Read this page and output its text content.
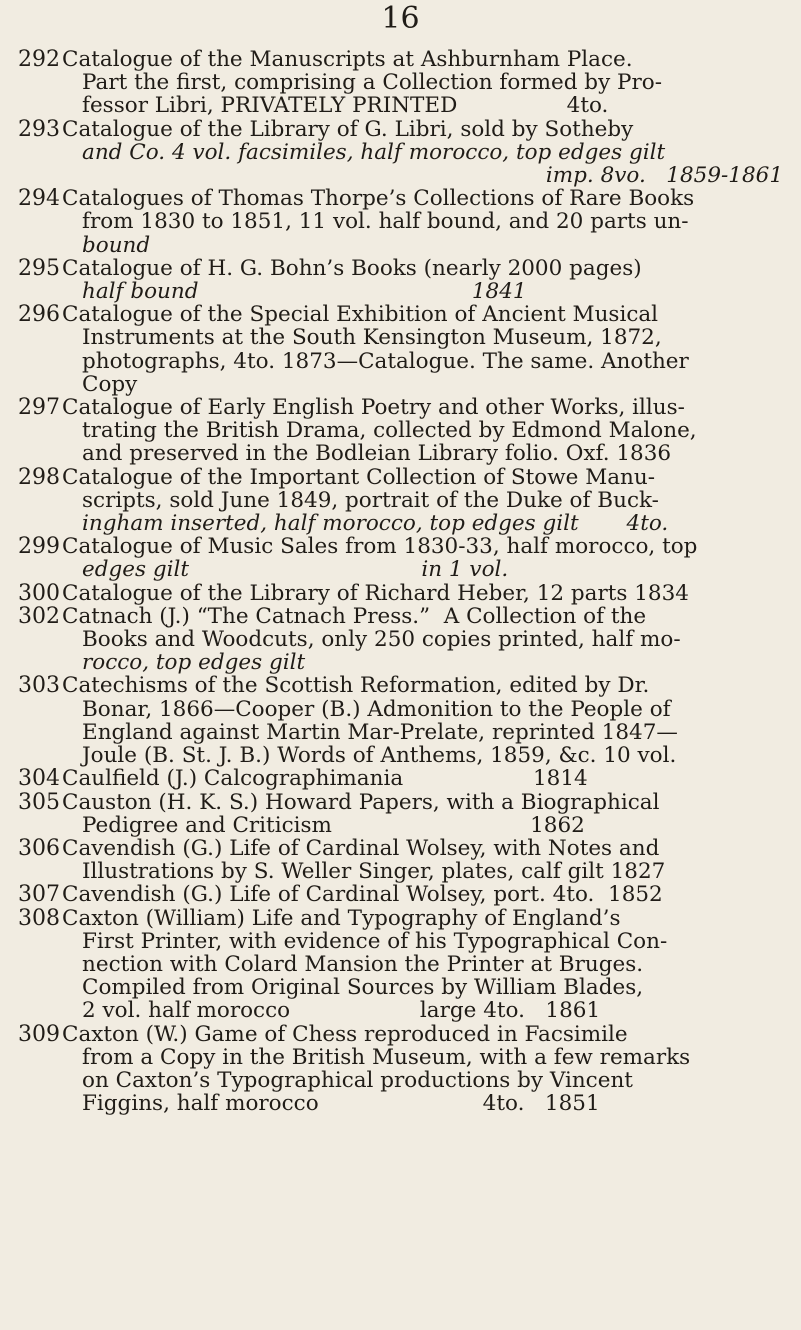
16
292 Catalogue of the Manuscripts at Ashburnham Place.
Part the first, comprising a Collection formed by Pro-
fessor Libri, PRIVATELY PRINTED                4to.
293 Catalogue of the Library of G. Libri, sold by Sotheby
and Co. 4 vol. facsimiles, half morocco, top edges gilt
imp. 8vo.   1859-1861
294 Catalogues of Thomas Thorpe’s Collections of Rare Books
from 1830 to 1851, 11 vol. half bound, and 20 parts un-
bound
295 Catalogue of H. G. Bohn’s Books (nearly 2000 pages)
half bound                                        1841
296 Catalogue of the Special Exhibition of Ancient Musical
Instruments at the South Kensington Museum, 1872,
photographs, 4to. 1873—Catalogue. The same. Another
Copy
297 Catalogue of Early English Poetry and other Works, illus-
trating the British Drama, collected by Edmond Malone,
and preserved in the Bodleian Library folio. Oxf. 1836
298 Catalogue of the Important Collection of Stowe Manu-
scripts, sold June 1849, portrait of the Duke of Buck-
ingham inserted, half morocco, top edges gilt       4to.
299 Catalogue of Music Sales from 1830-33, half morocco, top
edges gilt                                  in 1 vol.
300 Catalogue of the Library of Richard Heber, 12 parts 1834
302 Catnach (J.) “The Catnach Press.”  A Collection of the
Books and Woodcuts, only 250 copies printed, half mo-
rocco, top edges gilt
303 Catechisms of the Scottish Reformation, edited by Dr.
Bonar, 1866—Cooper (B.) Admonition to the People of
England against Martin Mar-Prelate, reprinted 1847—
Joule (B. St. J. B.) Words of Anthems, 1859, &c. 10 vol.
304 Caulfield (J.) Calcographimania                   1814
305 Causton (H. K. S.) Howard Papers, with a Biographical
Pedigree and Criticism                             1862
306 Cavendish (G.) Life of Cardinal Wolsey, with Notes and
Illustrations by S. Weller Singer, plates, calf gilt 1827
307 Cavendish (G.) Life of Cardinal Wolsey, port. 4to.  1852
308 Caxton (William) Life and Typography of England’s
First Printer, with evidence of his Typographical Con-
nection with Colard Mansion the Printer at Bruges.
Compiled from Original Sources by William Blades,
2 vol. half morocco                   large 4to.   1861
309 Caxton (W.) Game of Chess reproduced in Facsimile
from a Copy in the British Museum, with a few remarks
on Caxton’s Typographical productions by Vincent
Figgins, half morocco                        4to.   1851
